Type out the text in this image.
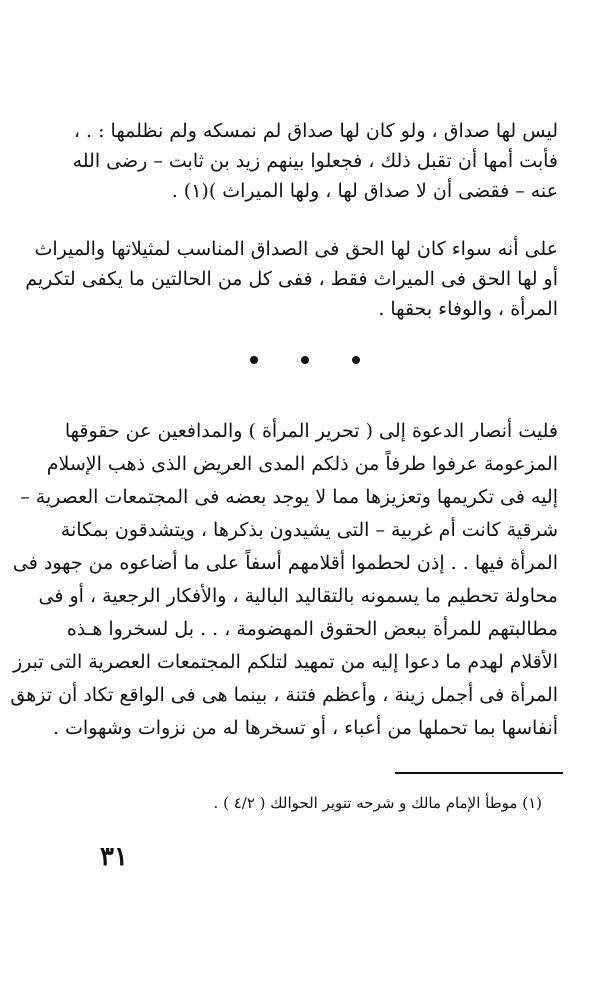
ليس لها صداق ، ولو كان لها صداق لم نمسكه ولم نظلمها : . ،
فأبت أمها أن تقبل ذلك ، فجعلوا بينهم زيد بن ثابت – رضى الله
عنه – فقضى أن لا صداق لها ، ولها الميراث )(١) .
على أنه سواء كان لها الحق فى الصداق المناسب لمثيلاتها والميراث
أو لها الحق فى الميراث فقط ، ففى كل من الحالتين ما يكفى لتكريم
المرأة ، والوفاء بحقها .
فليت أنصار الدعوة إلى ( تحرير المرأة ) والمدافعين عن حقوقها
المزعومة عرفوا طرفاً من ذلكم المدى العريض الذى ذهب الإسلام
إليه فى تكريمها وتعزيزها مما لا يوجد بعضه فى المجتمعات العصرية –
شرقية كانت أم غربية – التى يشيدون بذكرها ، ويتشدقون بمكانة
المرأة فيها . . إذن لحطموا أقلامهم أسفاً على ما أضاعوه من جهود فى
محاولة تحطيم ما يسمونه بالتقاليد البالية ، والأفكار الرجعية ، أو فى
مطالبتهم للمرأة ببعض الحقوق المهضومة ، . . بل لسخروا هـذه
الأقلام لهدم ما دعوا إليه من تمهيد لتلكم المجتمعات العصرية التى تبرز
المرأة فى أجمل زينة ، وأعظم فتنة ، بينما هى فى الواقع تكاد أن تزهق
أنفاسها بما تحملها من أعباء ، أو تسخرها له من نزوات وشهوات .
(١) موطأ الإمام مالك و شرحه تنوير الحوالك ( ٤/٢ ) .
٣١
